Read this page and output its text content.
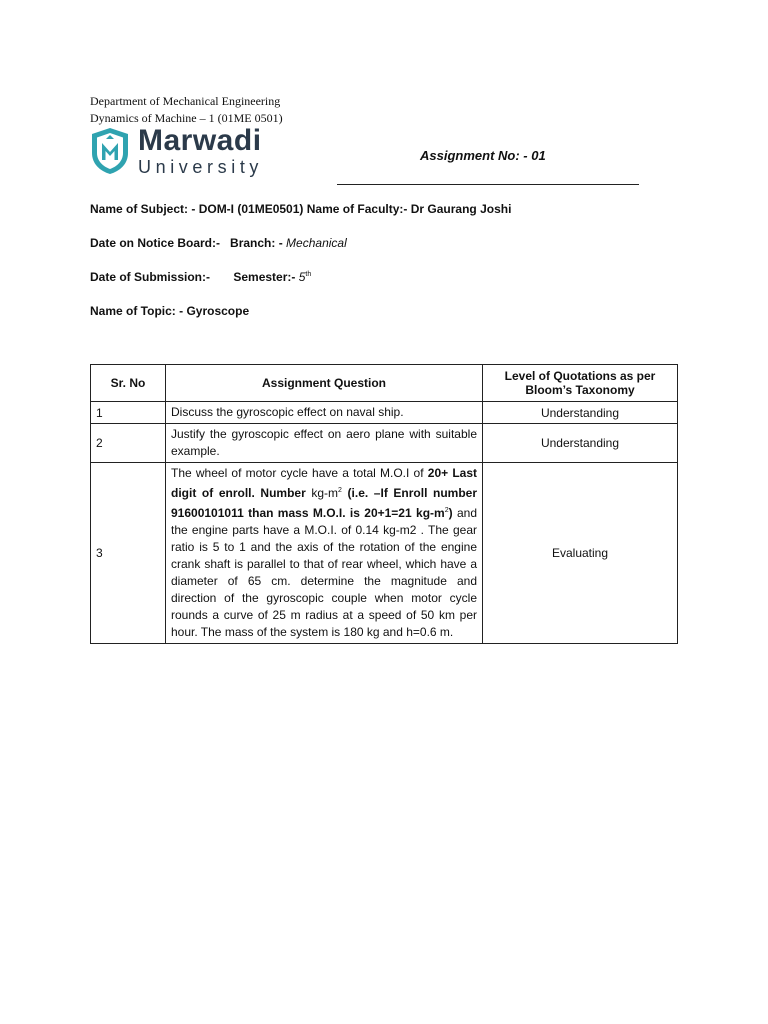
Department of Mechanical Engineering
Dynamics of Machine – 1 (01ME 0501)
Marwadi
University
Assignment No: - 01
Name of Subject: - DOM-I (01ME0501) Name of Faculty:- Dr Gaurang Joshi
Date on Notice Board:- Branch: - Mechanical
Date of Submission:- Semester:- 5th
Name of Topic: - Gyroscope
Sr. No	Assignment Question	Level of Quotations as per Bloom’s Taxonomy
1	Discuss the gyroscopic effect on naval ship.	Understanding
2	Justify the gyroscopic effect on aero plane with suitable example.	Understanding
3	The wheel of motor cycle have a total M.O.I of 20+ Last digit of enroll. Number $kg-m^2$ (i.e. –If Enroll number 91600101011 than mass M.O.I. is 20+1=21 $kg-m^2$) and the engine parts have a M.O.I. of 0.14 kg-m2 . The gear ratio is 5 to 1 and the axis of the rotation of the engine crank shaft is parallel to that of rear wheel, which have a diameter of 65 cm. determine the magnitude and direction of the gyroscopic couple when motor cycle rounds a curve of 25 m radius at a speed of 50 km per hour. The mass of the system is 180 kg and h=0.6 m.	Evaluating
